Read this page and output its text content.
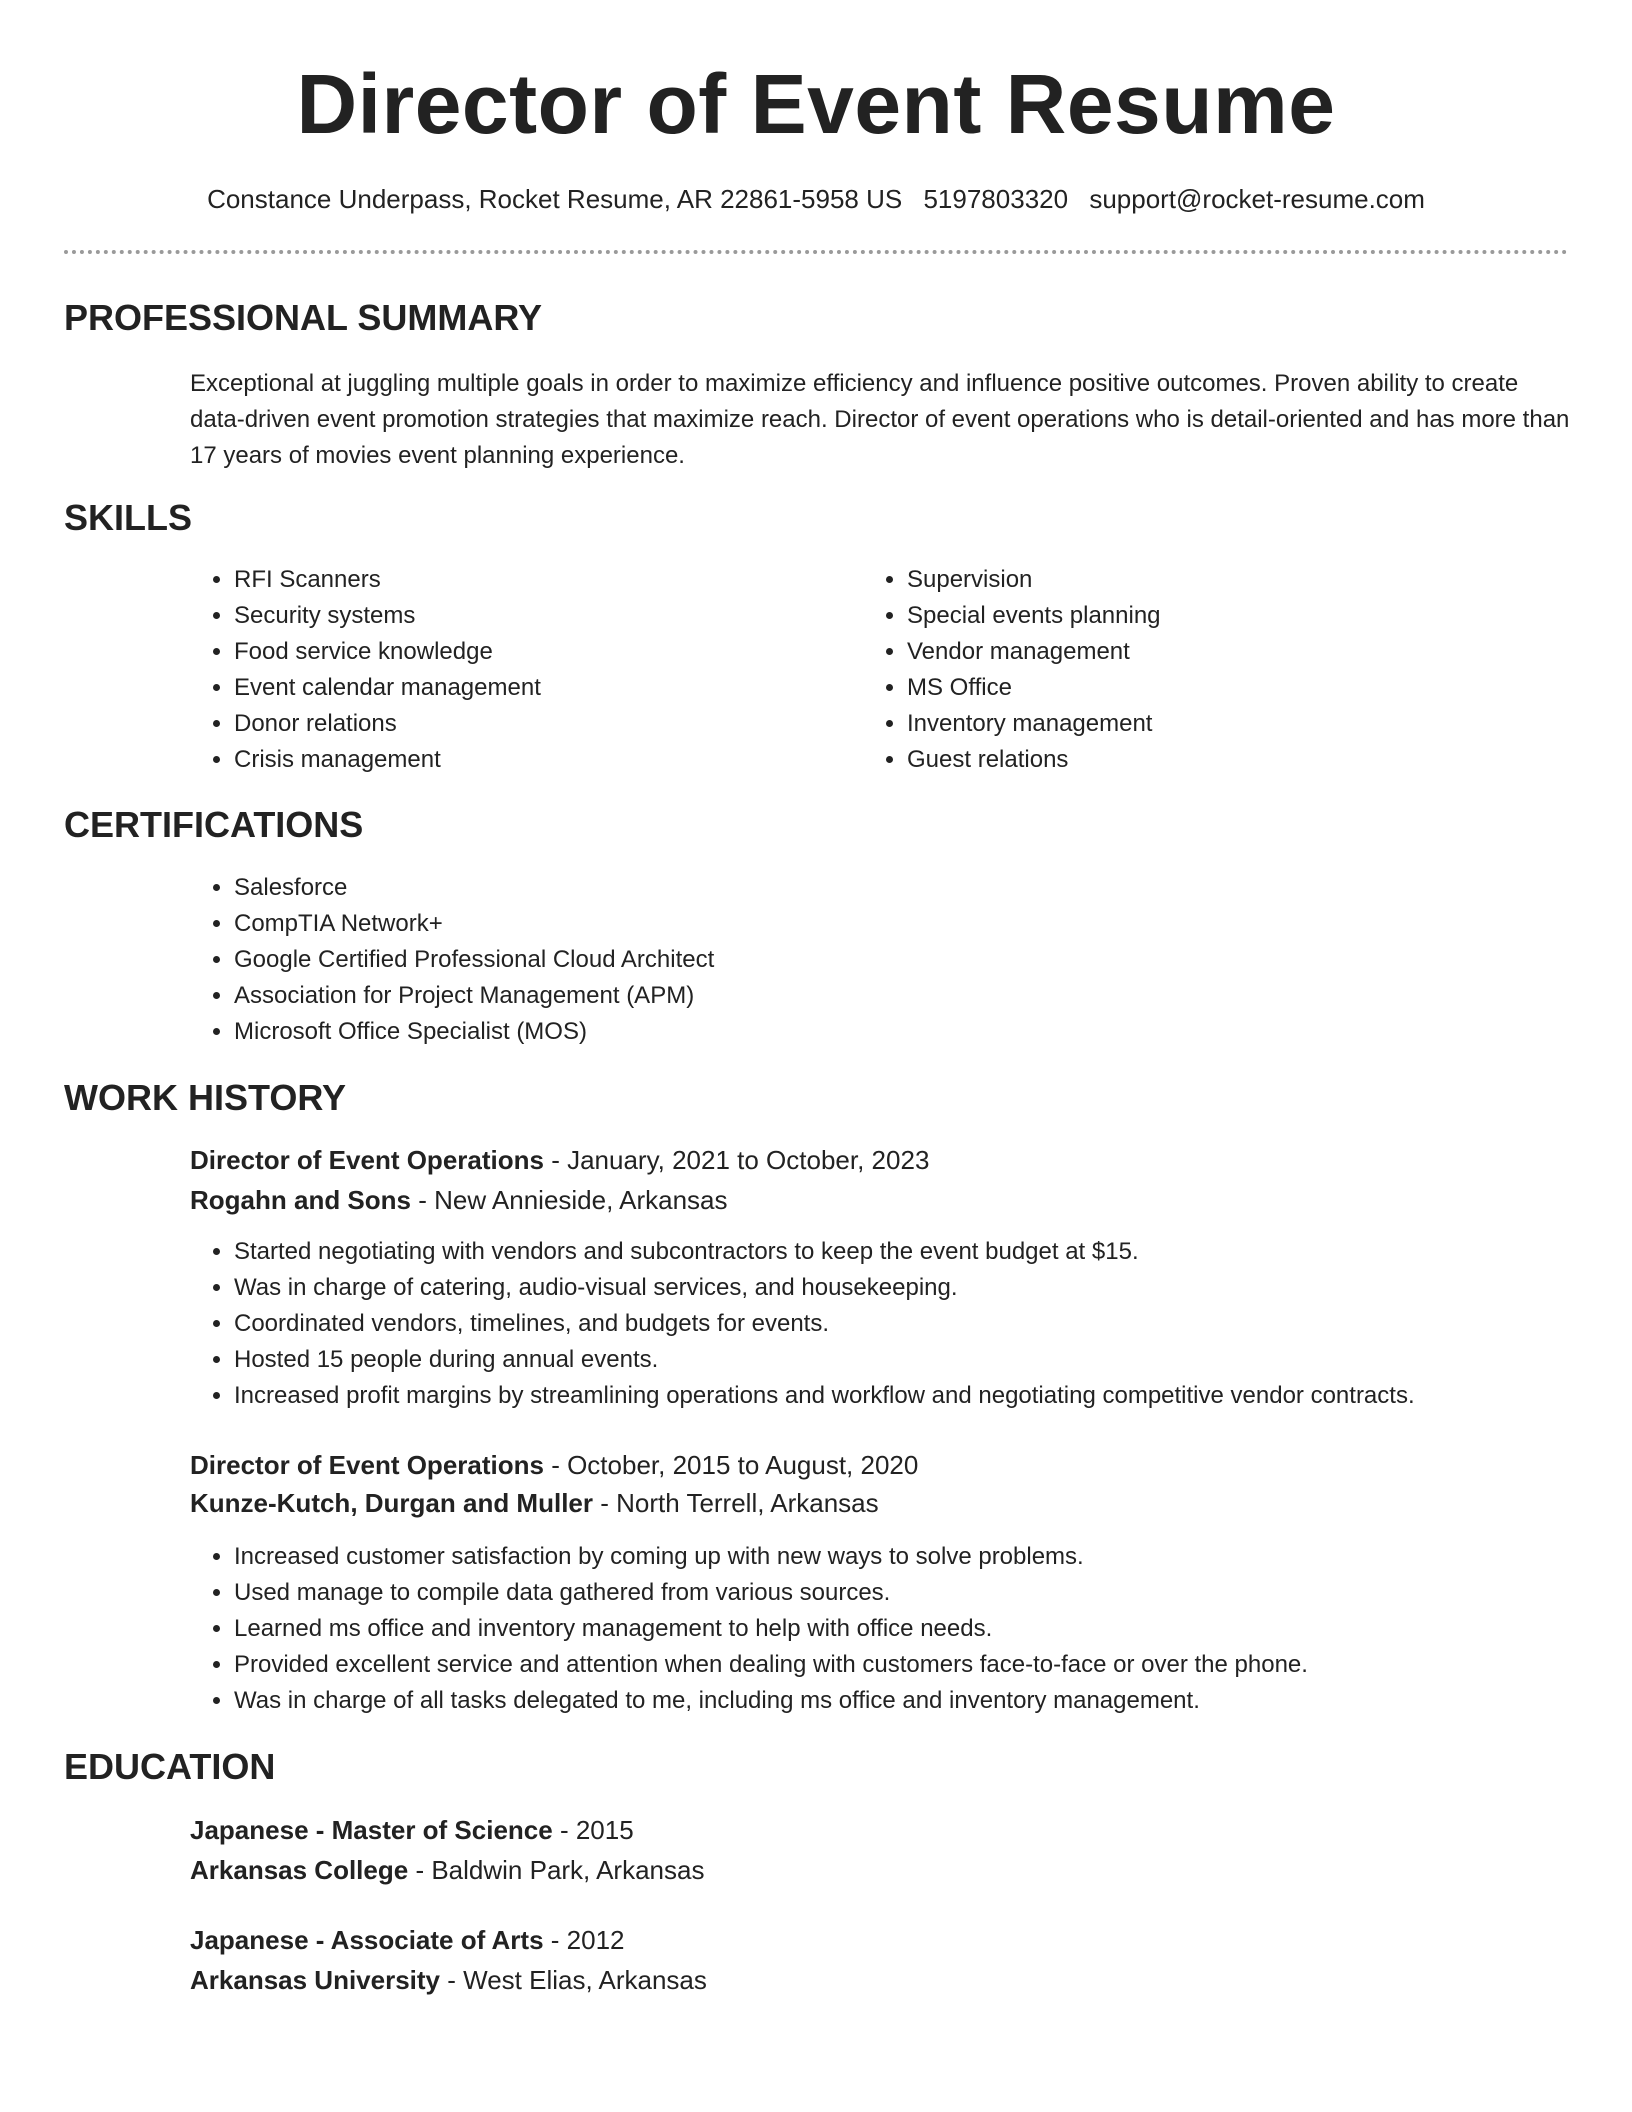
Director of Event Resume
Constance Underpass, Rocket Resume, AR 22861-5958 US 5197803320 support@rocket-resume.com
PROFESSIONAL SUMMARY

Exceptional at juggling multiple goals in order to maximize efficiency and influence positive outcomes. Proven ability to create data-driven event promotion strategies that maximize reach. Director of event operations who is detail-oriented and has more than 17 years of movies event planning experience.

SKILLS
• RFI Scanners
• Security systems
• Food service knowledge
• Event calendar management
• Donor relations
• Crisis management
• Supervision
• Special events planning
• Vendor management
• MS Office
• Inventory management
• Guest relations
CERTIFICATIONS
• Salesforce
• CompTIA Network+
• Google Certified Professional Cloud Architect
• Association for Project Management (APM)
• Microsoft Office Specialist (MOS)
WORK HISTORY
Director of Event Operations - January, 2021 to October, 2023
Rogahn and Sons - New Annieside, Arkansas
• Started negotiating with vendors and subcontractors to keep the event budget at $15.
• Was in charge of catering, audio-visual services, and housekeeping.
• Coordinated vendors, timelines, and budgets for events.
• Hosted 15 people during annual events.
• Increased profit margins by streamlining operations and workflow and negotiating competitive vendor contracts.
Director of Event Operations - October, 2015 to August, 2020
Kunze-Kutch, Durgan and Muller - North Terrell, Arkansas
• Increased customer satisfaction by coming up with new ways to solve problems.
• Used manage to compile data gathered from various sources.
• Learned ms office and inventory management to help with office needs.
• Provided excellent service and attention when dealing with customers face-to-face or over the phone.
• Was in charge of all tasks delegated to me, including ms office and inventory management.
EDUCATION
Japanese - Master of Science - 2015
Arkansas College - Baldwin Park, Arkansas
Japanese - Associate of Arts - 2012
Arkansas University - West Elias, Arkansas
